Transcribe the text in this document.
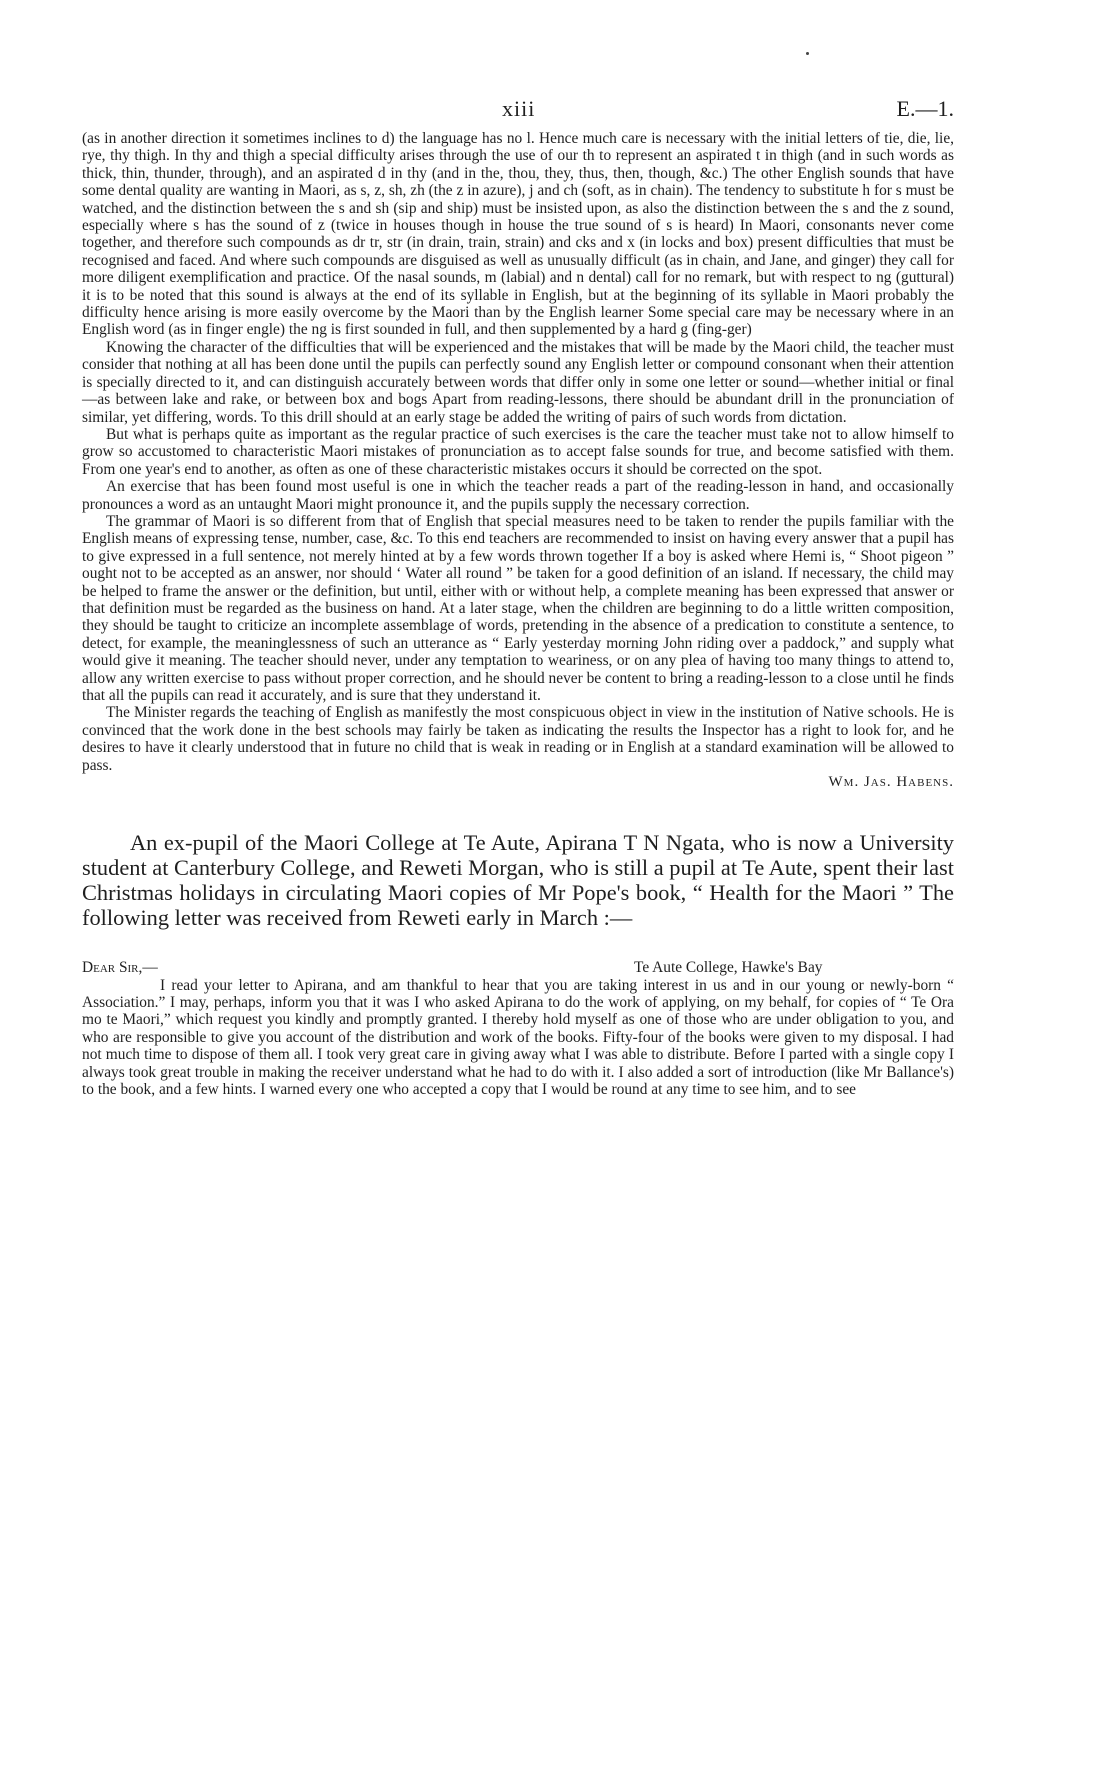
xiii	E.—1.

(as in another direction it sometimes inclines to d) the language has no l. Hence much care is necessary with the initial letters of tie, die, lie, rye, thy thigh. In thy and thigh a special difficulty arises through the use of our th to represent an aspirated t in thigh (and in such words as thick, thin, thunder, through), and an aspirated d in thy (and in the, thou, they, thus, then, though, &c.) The other English sounds that have some dental quality are wanting in Maori, as s, z, sh, zh (the z in azure), j and ch (soft, as in chain). The tendency to substitute h for s must be watched, and the distinction between the s and sh (sip and ship) must be insisted upon, as also the distinction between the s and the z sound, especially where s has the sound of z (twice in houses though in house the true sound of s is heard) In Maori, consonants never come together, and therefore such compounds as dr tr, str (in drain, train, strain) and cks and x (in locks and box) present difficulties that must be recognised and faced. And where such compounds are disguised as well as unusually difficult (as in chain, and Jane, and ginger) they call for more diligent exemplification and practice. Of the nasal sounds, m (labial) and n dental) call for no remark, but with respect to ng (guttural) it is to be noted that this sound is always at the end of its syllable in English, but at the beginning of its syllable in Maori probably the difficulty hence arising is more easily overcome by the Maori than by the English learner Some special care may be necessary where in an English word (as in finger engle) the ng is first sounded in full, and then supplemented by a hard g (fing-ger)

Knowing the character of the difficulties that will be experienced and the mistakes that will be made by the Maori child, the teacher must consider that nothing at all has been done until the pupils can perfectly sound any English letter or compound consonant when their attention is specially directed to it, and can distinguish accurately between words that differ only in some one letter or sound—whether initial or final—as between lake and rake, or between box and bogs Apart from reading-lessons, there should be abundant drill in the pronunciation of similar, yet differing, words. To this drill should at an early stage be added the writing of pairs of such words from dictation.

But what is perhaps quite as important as the regular practice of such exercises is the care the teacher must take not to allow himself to grow so accustomed to characteristic Maori mistakes of pronunciation as to accept false sounds for true, and become satisfied with them. From one year's end to another, as often as one of these characteristic mistakes occurs it should be corrected on the spot.

An exercise that has been found most useful is one in which the teacher reads a part of the reading-lesson in hand, and occasionally pronounces a word as an untaught Maori might pronounce it, and the pupils supply the necessary correction.

The grammar of Maori is so different from that of English that special measures need to be taken to render the pupils familiar with the English means of expressing tense, number, case, &c. To this end teachers are recommended to insist on having every answer that a pupil has to give expressed in a full sentence, not merely hinted at by a few words thrown together If a boy is asked where Hemi is, “ Shoot pigeon ” ought not to be accepted as an answer, nor should ‘ Water all round ” be taken for a good definition of an island. If necessary, the child may be helped to frame the answer or the definition, but until, either with or without help, a complete meaning has been expressed that answer or that definition must be regarded as the business on hand. At a later stage, when the children are beginning to do a little written composition, they should be taught to criticize an incomplete assemblage of words, pretending in the absence of a predication to constitute a sentence, to detect, for example, the meaninglessness of such an utterance as “ Early yesterday morning John riding over a paddock,” and supply what would give it meaning. The teacher should never, under any temptation to weariness, or on any plea of having too many things to attend to, allow any written exercise to pass without proper correction, and he should never be content to bring a reading-lesson to a close until he finds that all the pupils can read it accurately, and is sure that they understand it.

The Minister regards the teaching of English as manifestly the most conspicuous object in view in the institution of Native schools. He is convinced that the work done in the best schools may fairly be taken as indicating the results the Inspector has a right to look for, and he desires to have it clearly understood that in future no child that is weak in reading or in English at a standard examination will be allowed to pass.

Wm. Jas. Habens.

An ex-pupil of the Maori College at Te Aute, Apirana T N Ngata, who is now a University student at Canterbury College, and Reweti Morgan, who is still a pupil at Te Aute, spent their last Christmas holidays in circulating Maori copies of Mr Pope's book, “ Health for the Maori ” The following letter was received from Reweti early in March :—

Dear Sir,—	Te Aute College, Hawke's Bay

I read your letter to Apirana, and am thankful to hear that you are taking interest in us and in our young or newly-born “ Association.” I may, perhaps, inform you that it was I who asked Apirana to do the work of applying, on my behalf, for copies of “ Te Ora mo te Maori,” which request you kindly and promptly granted. I thereby hold myself as one of those who are under obligation to you, and who are responsible to give you account of the distribution and work of the books. Fifty-four of the books were given to my disposal. I had not much time to dispose of them all. I took very great care in giving away what I was able to distribute. Before I parted with a single copy I always took great trouble in making the receiver understand what he had to do with it. I also added a sort of introduction (like Mr Ballance's) to the book, and a few hints. I warned every one who accepted a copy that I would be round at any time to see him, and to see
